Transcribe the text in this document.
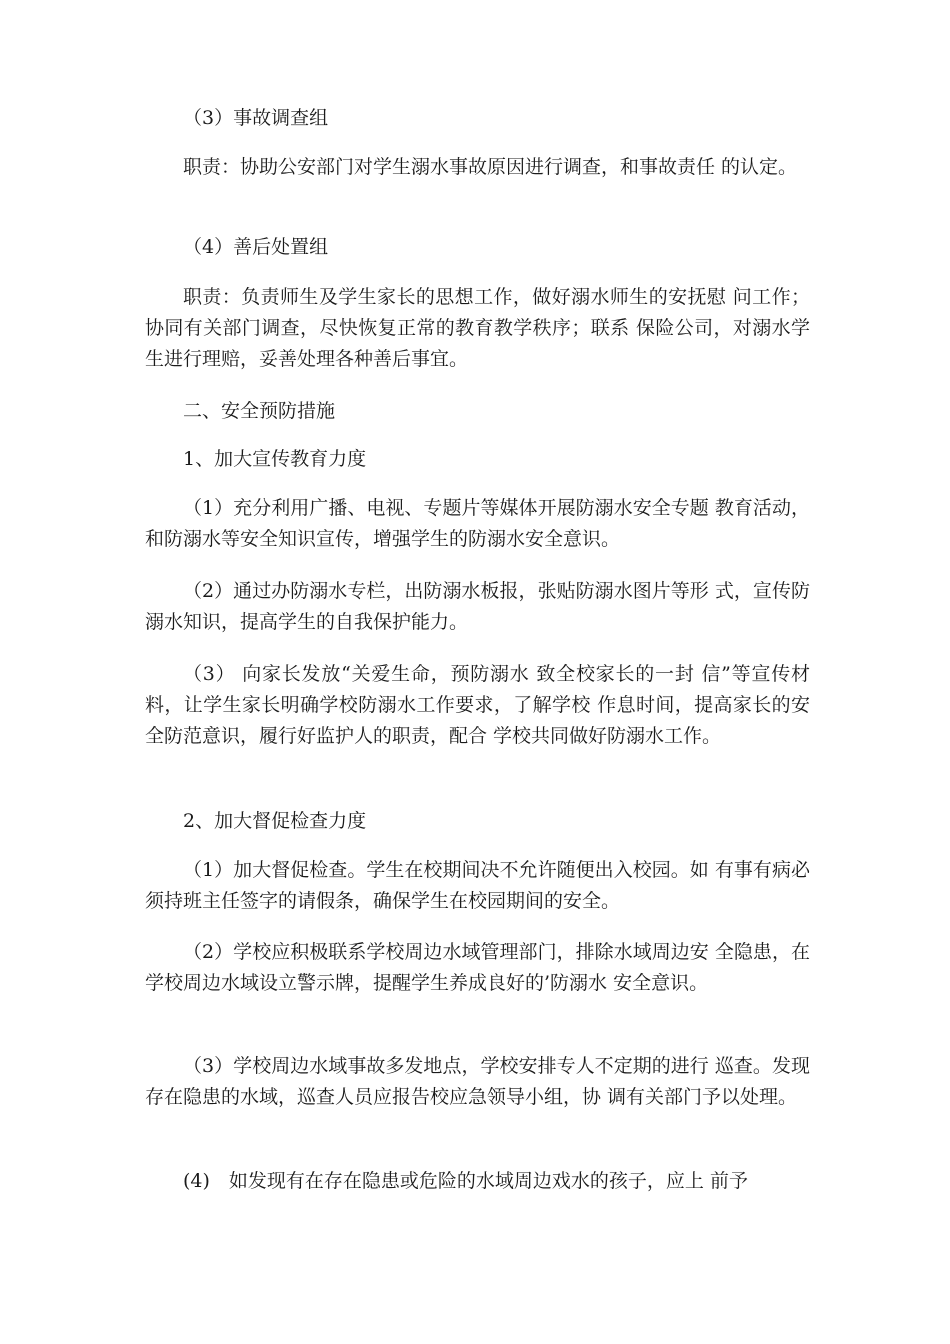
（3）事故调查组

职责：协助公安部门对学生溺水事故原因进行调查，和事故责任 的认定。

（4）善后处置组

职责：负责师生及学生家长的思想工作，做好溺水师生的安抚慰 问工作；协同有关部门调查，尽快恢复正常的教育教学秩序；联系 保险公司，对溺水学生进行理赔，妥善处理各种善后事宜。

二、安全预防措施

1、加大宣传教育力度

（1）充分利用广播、电视、专题片等媒体开展防溺水安全专题 教育活动，和防溺水等安全知识宣传，增强学生的防溺水安全意识。

（2）通过办防溺水专栏，出防溺水板报，张贴防溺水图片等形 式，宣传防溺水知识，提高学生的自我保护能力。

（3） 向家长发放“关爱生命，预防溺水 致全校家长的一封 信”等宣传材料，让学生家长明确学校防溺水工作要求，了解学校 作息时间，提高家长的安全防范意识，履行好监护人的职责，配合 学校共同做好防溺水工作。

2、加大督促检查力度

（1）加大督促检查。学生在校期间决不允许随便出入校园。如 有事有病必须持班主任签字的请假条，确保学生在校园期间的安全。

（2）学校应积极联系学校周边水域管理部门，排除水域周边安 全隐患，在学校周边水域设立警示牌，提醒学生养成良好的’防溺水 安全意识。

（3）学校周边水域事故多发地点，学校安排专人不定期的进行 巡查。发现存在隐患的水域，巡查人员应报告校应急领导小组，协 调有关部门予以处理。

(4)　如发现有在存在隐患或危险的水域周边戏水的孩子，应上 前予
